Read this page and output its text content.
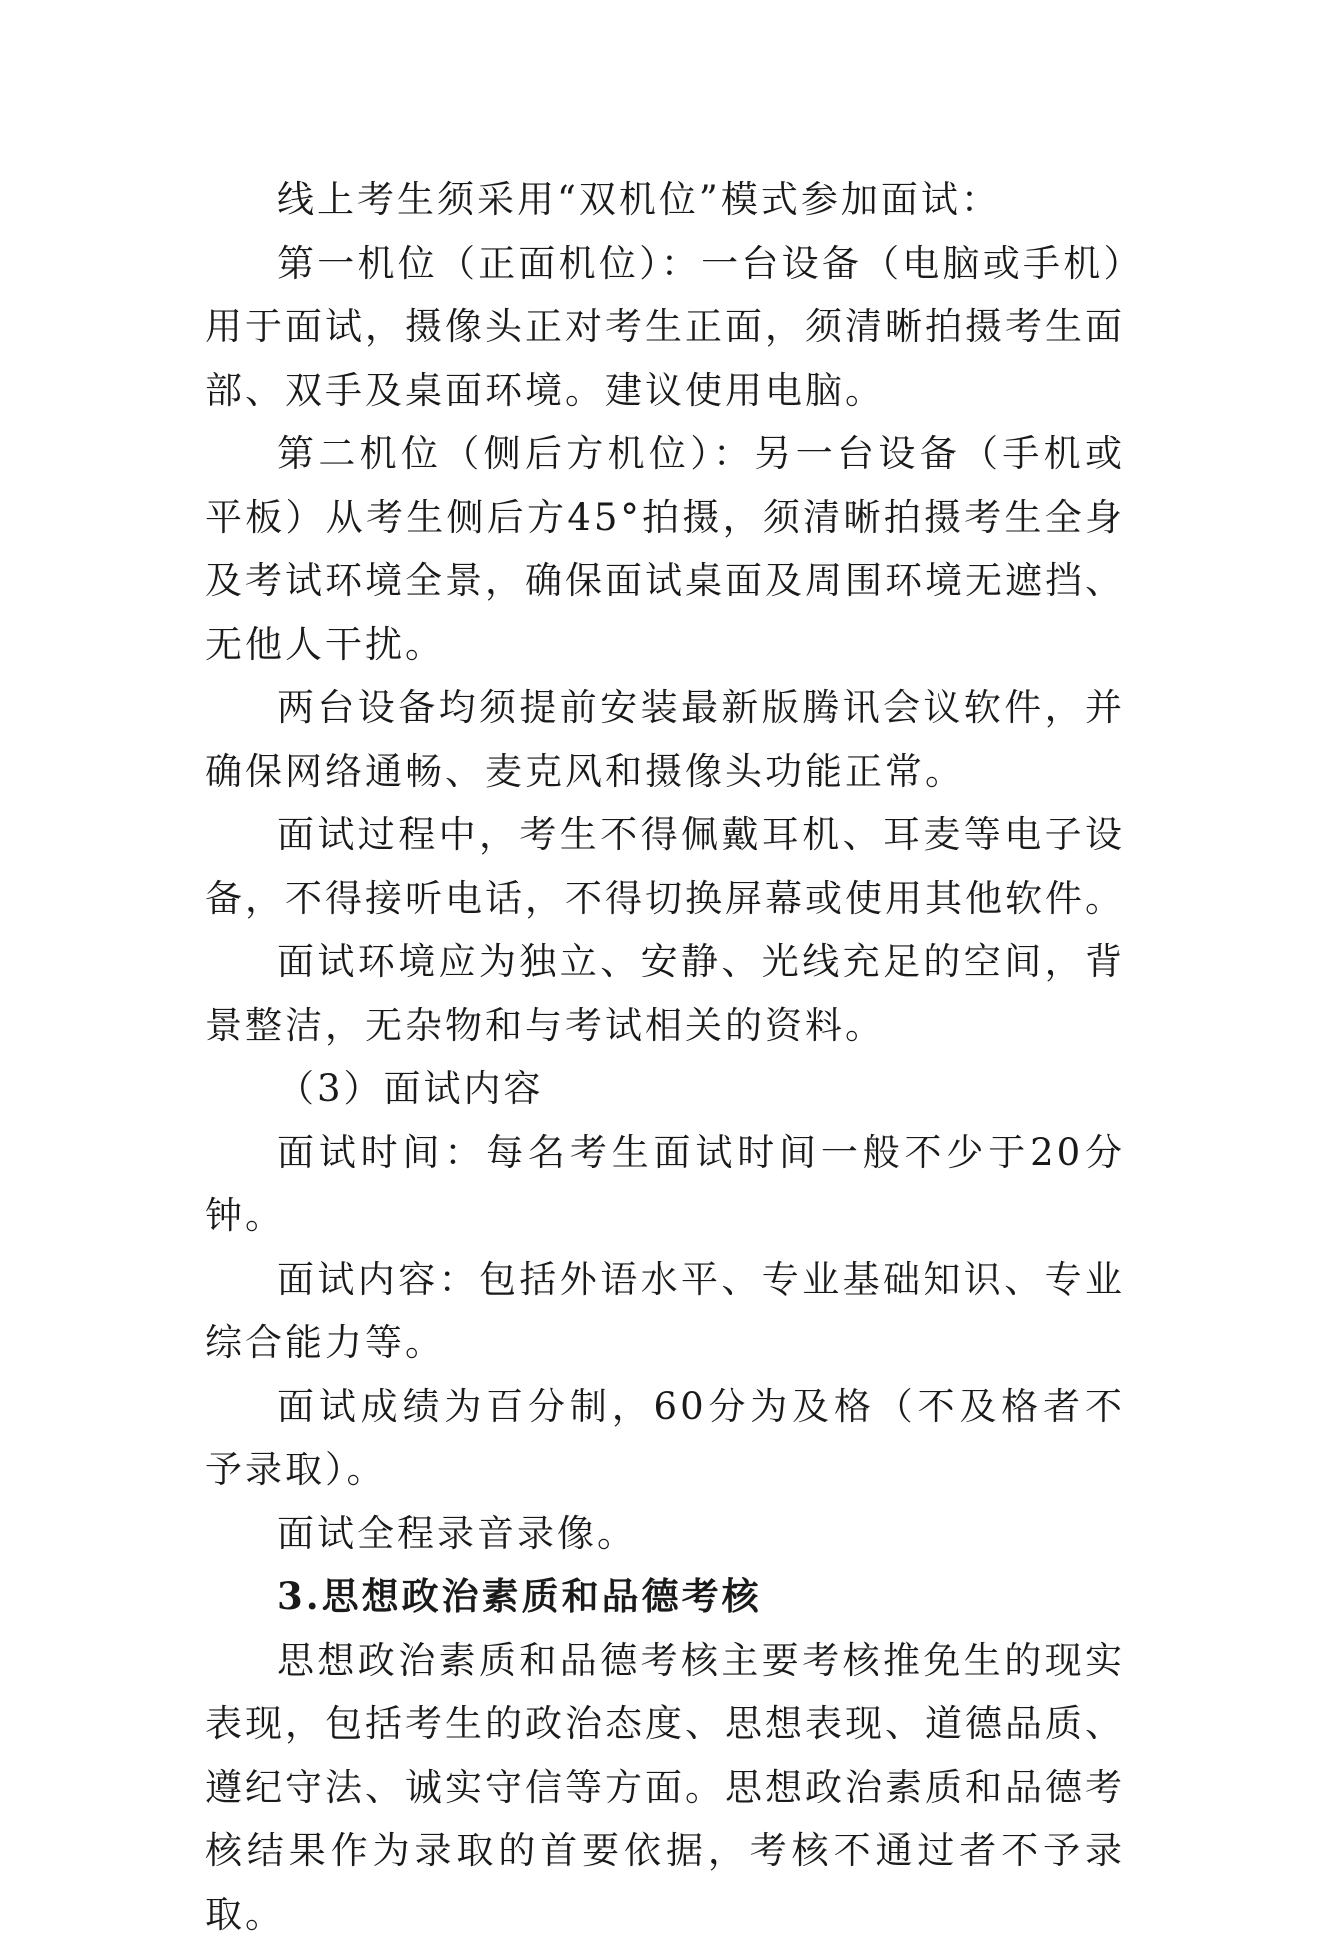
线上考生须采用“双机位”模式参加面试：

第一机位（正面机位）：一台设备（电脑或手机）用于面试，摄像头正对考生正面，须清晰拍摄考生面部、双手及桌面环境。建议使用电脑。

第二机位（侧后方机位）：另一台设备（手机或平板）从考生侧后方45°拍摄，须清晰拍摄考生全身及考试环境全景，确保面试桌面及周围环境无遮挡、无他人干扰。

两台设备均须提前安装最新版腾讯会议软件，并确保网络通畅、麦克风和摄像头功能正常。

面试过程中，考生不得佩戴耳机、耳麦等电子设备，不得接听电话，不得切换屏幕或使用其他软件。

面试环境应为独立、安静、光线充足的空间，背景整洁，无杂物和与考试相关的资料。

（3）面试内容

面试时间：每名考生面试时间一般不少于20分钟。

面试内容：包括外语水平、专业基础知识、专业综合能力等。

面试成绩为百分制，60分为及格（不及格者不予录取）。

面试全程录音录像。

3.思想政治素质和品德考核

思想政治素质和品德考核主要考核推免生的现实表现，包括考生的政治态度、思想表现、道德品质、遵纪守法、诚实守信等方面。思想政治素质和品德考核结果作为录取的首要依据，考核不通过者不予录取。
